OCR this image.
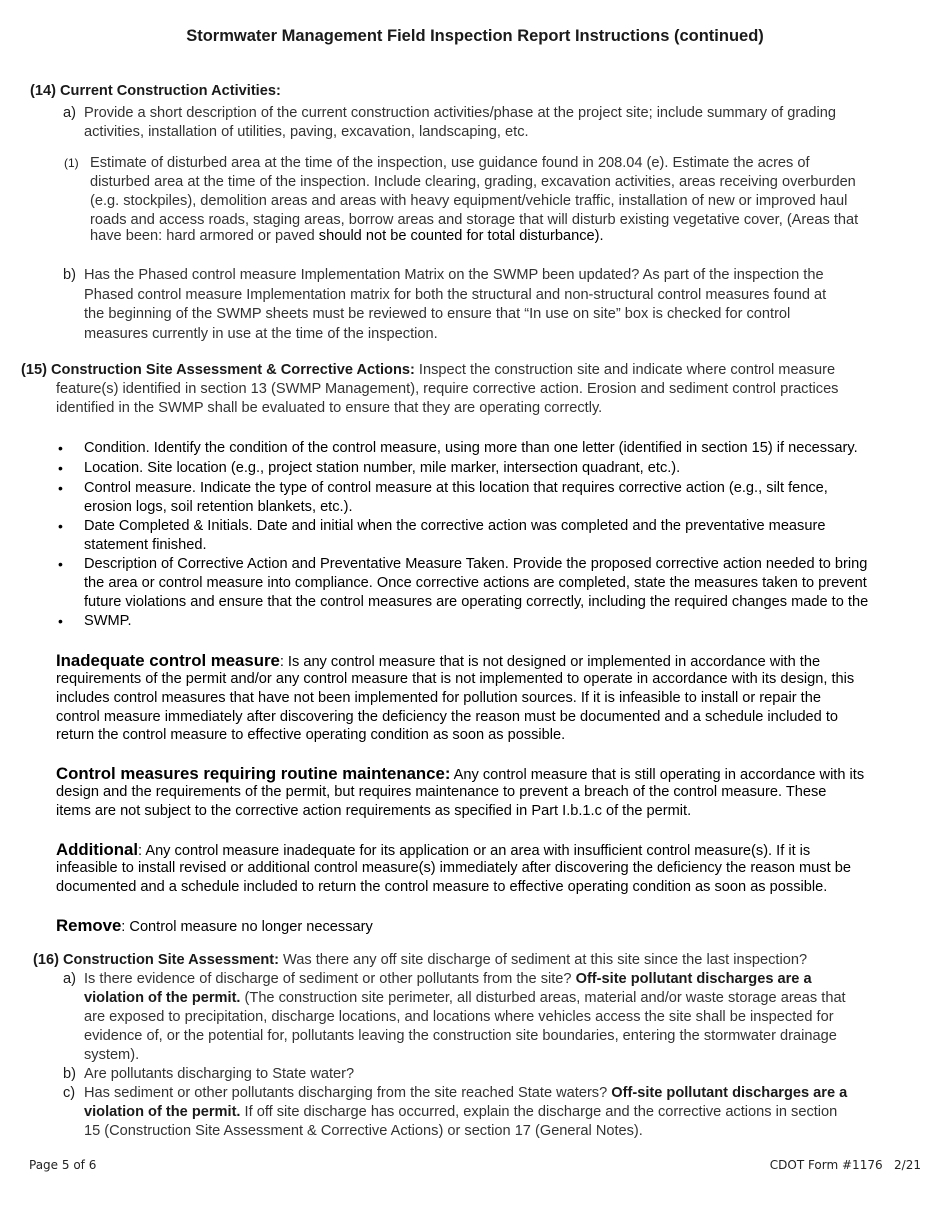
Stormwater Management Field Inspection Report Instructions (continued)
(14) Current Construction Activities:
a) Provide a short description of the current construction activities/phase at the project site; include summary of grading
activities, installation of utilities, paving, excavation, landscaping, etc.
(1) Estimate of disturbed area at the time of the inspection, use guidance found in 208.04 (e). Estimate the acres of
disturbed area at the time of the inspection. Include clearing, grading, excavation activities, areas receiving overburden
(e.g. stockpiles), demolition areas and areas with heavy equipment/vehicle traffic, installation of new or improved haul
roads and access roads, staging areas, borrow areas and storage that will disturb existing vegetative cover, (Areas that
have been: hard armored or paved should not be counted for total disturbance).
b) Has the Phased control measure Implementation Matrix on the SWMP been updated? As part of the inspection the
Phased control measure Implementation matrix for both the structural and non-structural control measures found at
the beginning of the SWMP sheets must be reviewed to ensure that “In use on site” box is checked for control
measures currently in use at the time of the inspection.
(15) Construction Site Assessment & Corrective Actions: Inspect the construction site and indicate where control measure
feature(s) identified in section 13 (SWMP Management), require corrective action. Erosion and sediment control practices
identified in the SWMP shall be evaluated to ensure that they are operating correctly.
• Condition. Identify the condition of the control measure, using more than one letter (identified in section 15) if necessary.
• Location. Site location (e.g., project station number, mile marker, intersection quadrant, etc.).
• Control measure. Indicate the type of control measure at this location that requires corrective action (e.g., silt fence,
erosion logs, soil retention blankets, etc.).
• Date Completed & Initials. Date and initial when the corrective action was completed and the preventative measure
statement finished.
• Description of Corrective Action and Preventative Measure Taken. Provide the proposed corrective action needed to bring
the area or control measure into compliance. Once corrective actions are completed, state the measures taken to prevent
future violations and ensure that the control measures are operating correctly, including the required changes made to the
• SWMP.
Inadequate control measure: Is any control measure that is not designed or implemented in accordance with the
requirements of the permit and/or any control measure that is not implemented to operate in accordance with its design, this
includes control measures that have not been implemented for pollution sources. If it is infeasible to install or repair the
control measure immediately after discovering the deficiency the reason must be documented and a schedule included to
return the control measure to effective operating condition as soon as possible.
Control measures requiring routine maintenance: Any control measure that is still operating in accordance with its
design and the requirements of the permit, but requires maintenance to prevent a breach of the control measure. These
items are not subject to the corrective action requirements as specified in Part I.b.1.c of the permit.
Additional: Any control measure inadequate for its application or an area with insufficient control measure(s). If it is
infeasible to install revised or additional control measure(s) immediately after discovering the deficiency the reason must be
documented and a schedule included to return the control measure to effective operating condition as soon as possible.
Remove: Control measure no longer necessary
(16) Construction Site Assessment: Was there any off site discharge of sediment at this site since the last inspection?
a) Is there evidence of discharge of sediment or other pollutants from the site? Off-site pollutant discharges are a
violation of the permit. (The construction site perimeter, all disturbed areas, material and/or waste storage areas that
are exposed to precipitation, discharge locations, and locations where vehicles access the site shall be inspected for
evidence of, or the potential for, pollutants leaving the construction site boundaries, entering the stormwater drainage
system).
b) Are pollutants discharging to State water?
c) Has sediment or other pollutants discharging from the site reached State waters? Off-site pollutant discharges are a
violation of the permit. If off site discharge has occurred, explain the discharge and the corrective actions in section
15 (Construction Site Assessment & Corrective Actions) or section 17 (General Notes).
Page 5 of 6	CDOT Form #1176   2/21
